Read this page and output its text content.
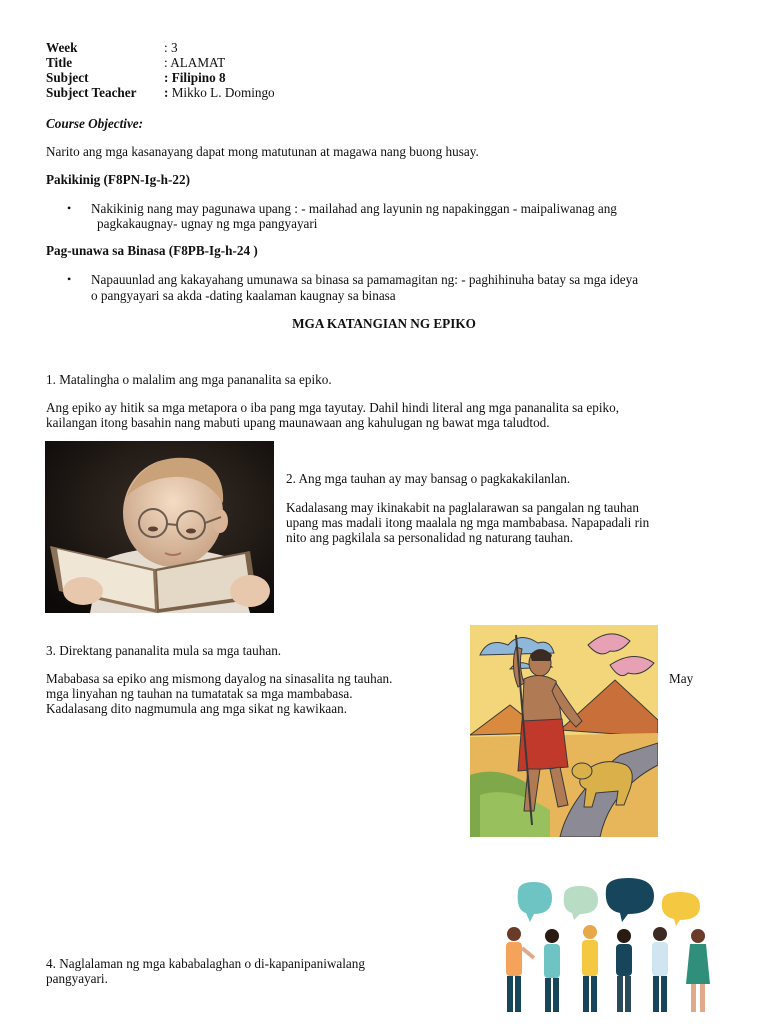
Week	: 3
Title	: ALAMAT
Subject	: Filipino 8
Subject Teacher : Mikko L. Domingo
Course Objective:
Narito ang mga kasanayang dapat mong matutunan at magawa nang buong husay.
Pakikinig (F8PN-Ig-h-22)
• Nakikinig nang may pagunawa upang : - mailahad ang layunin ng napakinggan - maipaliwanag ang
pagkakaugnay- ugnay ng mga pangyayari
Pag-unawa sa Binasa (F8PB-Ig-h-24 )
• Napauunlad ang kakayahang umunawa sa binasa sa pamamagitan ng: - paghihinuha batay sa mga ideya
o pangyayari sa akda -dating kaalaman kaugnay sa binasa
MGA KATANGIAN NG EPIKO
1. Matalingha o malalim ang mga pananalita sa epiko.
Ang epiko ay hitik sa mga metapora o iba pang mga tayutay. Dahil hindi literal ang mga pananalita sa epiko,
kailangan itong basahin nang mabuti upang maunawaan ang kahulugan ng bawat mga taludtod.
2. Ang mga tauhan ay may bansag o pagkakakilanlan.
Kadalasang may ikinakabit na paglalarawan sa pangalan ng tauhan
upang mas madali itong maalala ng mga mambabasa. Napapadali rin
nito ang pagkilala sa personalidad ng naturang tauhan.
3. Direktang pananalita mula sa mga tauhan.
Mababasa sa epiko ang mismong dayalog na sinasalita ng tauhan.	May
mga linyahan ng tauhan na tumatatak sa mga mambabasa.
Kadalasang dito nagmumula ang mga sikat ng kawikaan.
4. Naglalaman ng mga kababalaghan o di-kapanipaniwalang
pangyayari.
